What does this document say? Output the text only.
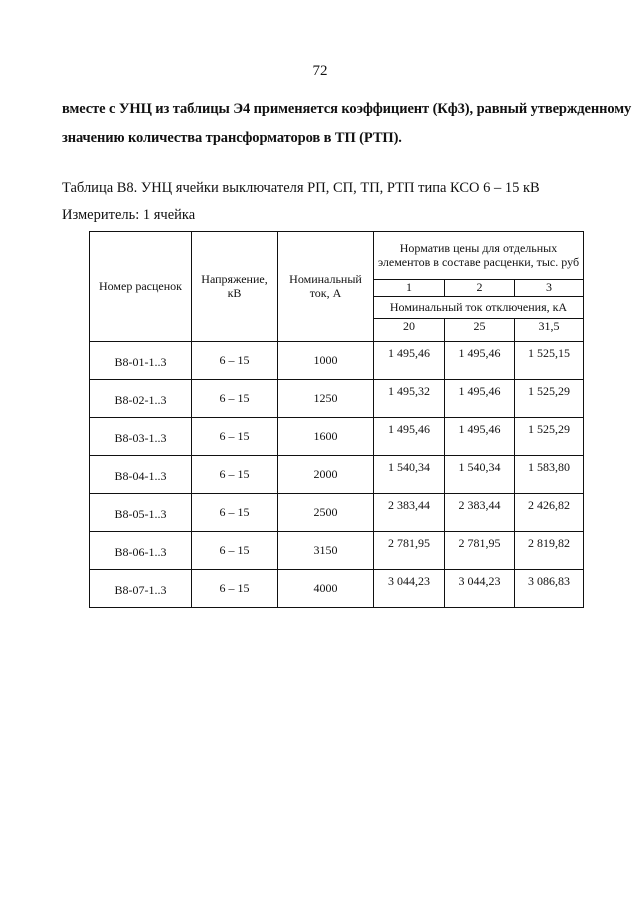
72
вместе с УНЦ из таблицы Э4 применяется коэффициент (Кф3), равный утвержденному
значению количества трансформаторов в ТП (РТП).
Таблица В8. УНЦ ячейки выключателя РП, СП, ТП, РТП типа КСО 6 – 15 кВ
Измеритель: 1 ячейка
Номер расценок	Напряжение, кВ	Номинальный ток, А	Норматив цены для отдельных элементов в составе расценки, тыс. руб		
			1	2	3
			Номинальный ток отключения, кА		
			20	25	31,5
В8-01-1..3	6 – 15	1000	1 495,46	1 495,46	1 525,15
В8-02-1..3	6 – 15	1250	1 495,32	1 495,46	1 525,29
В8-03-1..3	6 – 15	1600	1 495,46	1 495,46	1 525,29
В8-04-1..3	6 – 15	2000	1 540,34	1 540,34	1 583,80
В8-05-1..3	6 – 15	2500	2 383,44	2 383,44	2 426,82
В8-06-1..3	6 – 15	3150	2 781,95	2 781,95	2 819,82
В8-07-1..3	6 – 15	4000	3 044,23	3 044,23	3 086,83
